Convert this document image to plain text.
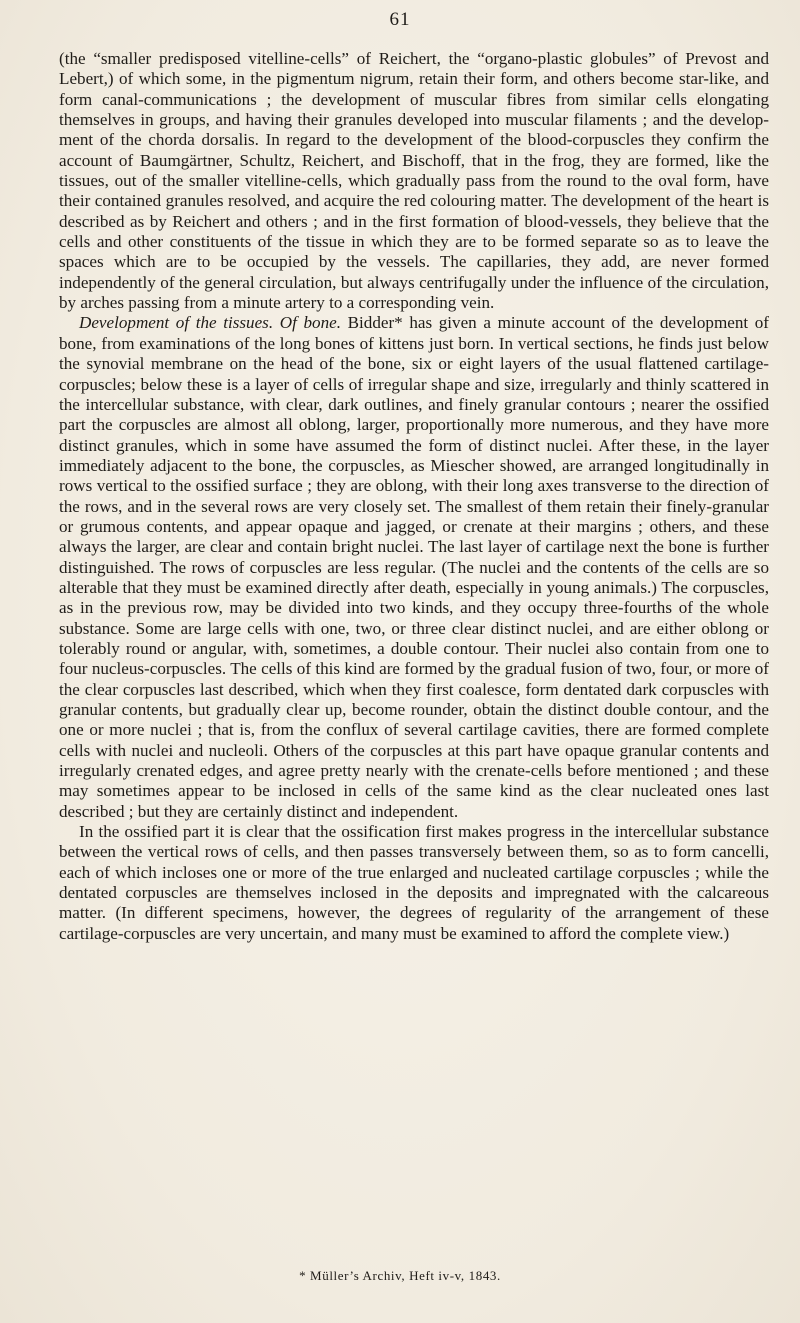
61

(the “smaller predisposed vitelline-cells” of Reichert, the “organo-plastic globules” of Prevost and Lebert,) of which some, in the pigmentum nigrum, retain their form, and others become star-like, and form canal-communications ; the development of muscular fibres from similar cells elongating themselves in groups, and having their granules developed into muscular filaments ; and the development of the chorda dorsalis. In regard to the development of the blood-corpuscles they confirm the account of Baumgärtner, Schultz, Reichert, and Bischoff, that in the frog, they are formed, like the tissues, out of the smaller vitelline-cells, which gradually pass from the round to the oval form, have their contained granules resolved, and acquire the red colouring matter. The development of the heart is described as by Reichert and others ; and in the first formation of blood-vessels, they believe that the cells and other constituents of the tissue in which they are to be formed separate so as to leave the spaces which are to be occupied by the vessels. The capillaries, they add, are never formed independently of the general circulation, but always centrifugally under the influence of the circulation, by arches passing from a minute artery to a corresponding vein.

Development of the tissues. Of bone. Bidder* has given a minute account of the development of bone, from examinations of the long bones of kittens just born. In vertical sections, he finds just below the synovial membrane on the head of the bone, six or eight layers of the usual flattened cartilage-corpuscles; below these is a layer of cells of irregular shape and size, irregularly and thinly scattered in the intercellular substance, with clear, dark outlines, and finely granular contours ; nearer the ossified part the corpuscles are almost all oblong, larger, proportionally more numerous, and they have more distinct granules, which in some have assumed the form of distinct nuclei. After these, in the layer immediately adjacent to the bone, the corpuscles, as Miescher showed, are arranged longitudinally in rows vertical to the ossified surface ; they are oblong, with their long axes transverse to the direction of the rows, and in the several rows are very closely set. The smallest of them retain their finely-granular or grumous contents, and appear opaque and jagged, or crenate at their margins ; others, and these always the larger, are clear and contain bright nuclei. The last layer of cartilage next the bone is further distinguished. The rows of corpuscles are less regular. (The nuclei and the contents of the cells are so alterable that they must be examined directly after death, especially in young animals.) The corpuscles, as in the previous row, may be divided into two kinds, and they occupy three-fourths of the whole substance. Some are large cells with one, two, or three clear distinct nuclei, and are either oblong or tolerably round or angular, with, sometimes, a double contour. Their nuclei also contain from one to four nucleus-corpuscles. The cells of this kind are formed by the gradual fusion of two, four, or more of the clear corpuscles last described, which when they first coalesce, form dentated dark corpuscles with granular contents, but gradually clear up, become rounder, obtain the distinct double contour, and the one or more nuclei ; that is, from the conflux of several cartilage cavities, there are formed complete cells with nuclei and nucleoli. Others of the corpuscles at this part have opaque granular contents and irregularly crenated edges, and agree pretty nearly with the crenate-cells before mentioned ; and these may sometimes appear to be inclosed in cells of the same kind as the clear nucleated ones last described ; but they are certainly distinct and independent.

In the ossified part it is clear that the ossification first makes progress in the intercellular substance between the vertical rows of cells, and then passes transversely between them, so as to form cancelli, each of which incloses one or more of the true enlarged and nucleated cartilage corpuscles ; while the dentated corpuscles are themselves inclosed in the deposits and impregnated with the calcareous matter. (In different specimens, however, the degrees of regularity of the arrangement of these cartilage-corpuscles are very uncertain, and many must be examined to afford the complete view.)

* Müller’s Archiv, Heft iv-v, 1843.
